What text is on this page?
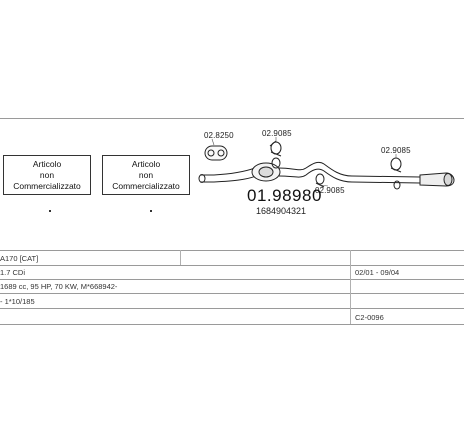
Articolo
non
Commercializzato
Articolo
non
Commercializzato
02.8250	02.9085
02.9085
02.9085
01.98980
1684904321
A170 [CAT]
1.7 CDi	02/01 - 09/04
1689 cc, 95 HP, 70 KW, M*668942-
- 1*10/185
C2-0096
